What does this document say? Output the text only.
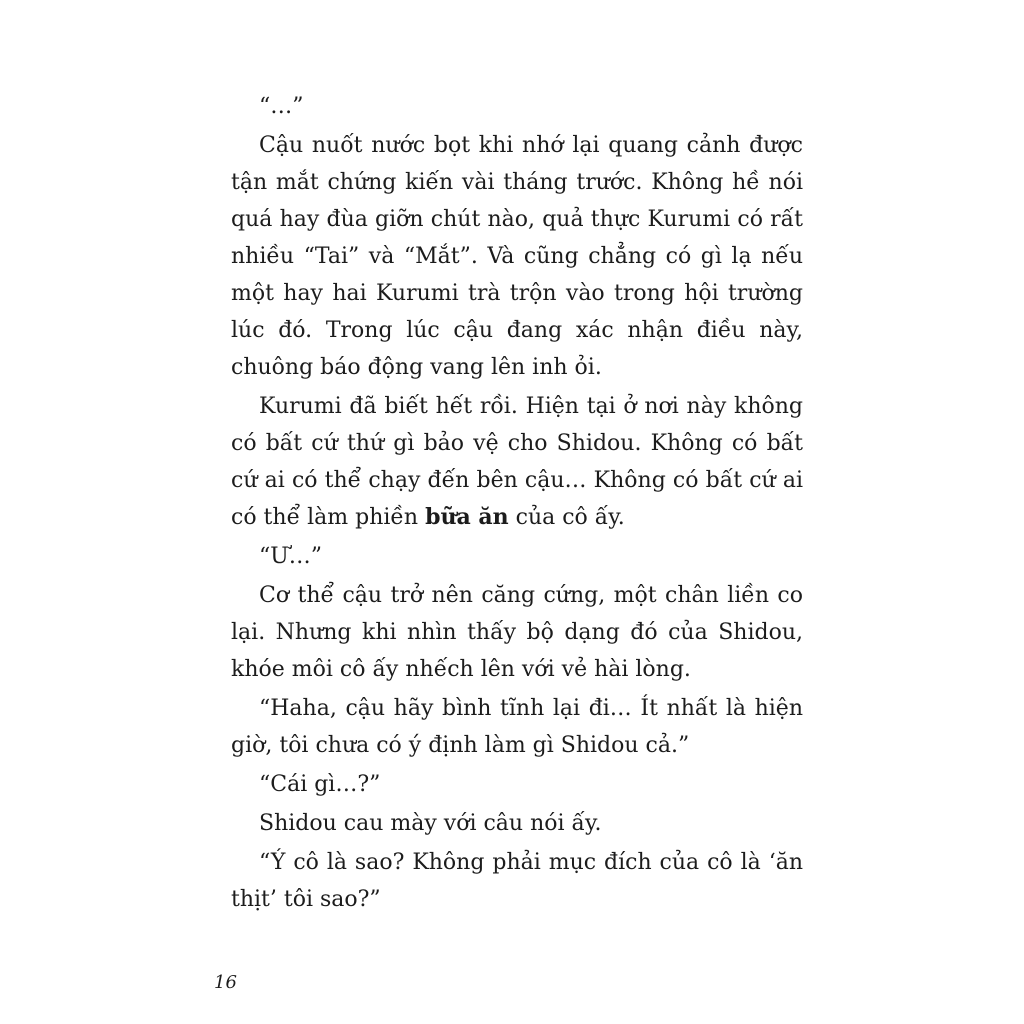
“…”

Cậu nuốt nước bọt khi nhớ lại quang cảnh được tận mắt chứng kiến vài tháng trước. Không hề nói quá hay đùa giỡn chút nào, quả thực Kurumi có rất nhiều “Tai” và “Mắt”. Và cũng chẳng có gì lạ nếu một hay hai Kurumi trà trộn vào trong hội trường lúc đó. Trong lúc cậu đang xác nhận điều này, chuông báo động vang lên inh ỏi.

Kurumi đã biết hết rồi. Hiện tại ở nơi này không có bất cứ thứ gì bảo vệ cho Shidou. Không có bất cứ ai có thể chạy đến bên cậu… Không có bất cứ ai có thể làm phiền bữa ăn của cô ấy.

“Ư…”

Cơ thể cậu trở nên căng cứng, một chân liền co lại. Nhưng khi nhìn thấy bộ dạng đó của Shidou, khóe môi cô ấy nhếch lên với vẻ hài lòng.

“Haha, cậu hãy bình tĩnh lại đi… Ít nhất là hiện giờ, tôi chưa có ý định làm gì Shidou cả.”

“Cái gì…?”

Shidou cau mày với câu nói ấy.

“Ý cô là sao? Không phải mục đích của cô là ‘ăn thịt’ tôi sao?”

16
